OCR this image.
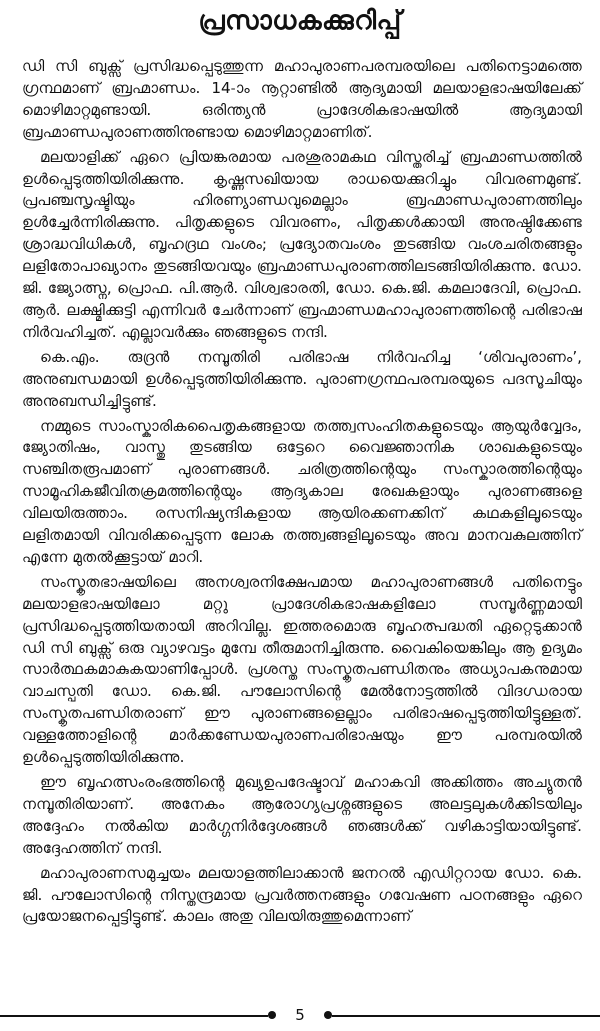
പ്രസാധകക്കുറിപ്പ്

ഡി സി ബുക്സ് പ്രസിദ്ധപ്പെടുത്തുന്ന മഹാപുരാണപരമ്പരയിലെ പതിനെട്ടാമത്തെ ഗ്രന്ഥമാണ് ബ്രഹ്മാണ്ഡം. 14-ാം നൂറ്റാണ്ടിൽ ആദ്യമായി മലയാളഭാഷയിലേക്ക് മൊഴിമാറ്റമുണ്ടായി. ഒരിന്ത്യൻ പ്രാദേശികഭാഷയിൽ ആദ്യമായി ബ്രഹ്മാണ്ഡപുരാണത്തിനുണ്ടായ മൊഴിമാറ്റമാണിത്.

മലയാളിക്ക് ഏറെ പ്രിയങ്കരമായ പരശുരാമകഥ വിസ്തരിച്ച് ബ്രഹ്മാണ്ഡത്തിൽ ഉൾപ്പെടുത്തിയിരിക്കുന്നു. കൃഷ്ണസഖിയായ രാധയെക്കുറിച്ചും വിവരണമുണ്ട്. പ്രപഞ്ചസൃഷ്ടിയും ഹിരണ്യാണ്ഡവുമെല്ലാം ബ്രഹ്മാണ്ഡപുരാണത്തിലും ഉൾച്ചേർന്നിരിക്കുന്നു. പിതൃക്കളുടെ വിവരണം, പിതൃക്കൾക്കായി അനുഷ്ഠിക്കേണ്ട ശ്രാദ്ധവിധികൾ, ബൃഹദ്രഥ വംശം; പ്രദ്യോതവംശം തുടങ്ങിയ വംശചരിതങ്ങളും ലളിതോപാഖ്യാനം തുടങ്ങിയവയും ബ്രഹ്മാണ്ഡപുരാണത്തിലടങ്ങിയിരിക്കുന്നു. ഡോ. ജി. ജ്യോത്സ്ന, പ്രൊഫ. പി.ആർ. വിശ്വഭാരതി, ഡോ. കെ.ജി. കമലാദേവി, പ്രൊഫ. ആർ. ലക്ഷ്മിക്കുട്ടി എന്നിവർ ചേർന്നാണ് ബ്രഹ്മാണ്ഡമഹാപുരാണത്തിന്റെ പരിഭാഷ നിർവഹിച്ചത്. എല്ലാവർക്കും ഞങ്ങളുടെ നന്ദി.

കെ.എം. രുദ്രൻ നമ്പൂതിരി പരിഭാഷ നിർവഹിച്ച ‘ശിവപുരാണം’, അനുബന്ധമായി ഉൾപ്പെടുത്തിയിരിക്കുന്നു. പുരാണഗ്രന്ഥപരമ്പരയുടെ പദസൂചിയും അനുബന്ധിച്ചിട്ടുണ്ട്.

നമ്മുടെ സാംസ്കാരികപൈതൃകങ്ങളായ തത്ത്വസംഹിതകളുടെയും ആയുർവ്വേദം, ജ്യോതിഷം, വാസ്തു തുടങ്ങിയ ഒട്ടേറെ വൈജ്ഞാനിക ശാഖകളുടെയും സഞ്ചിതരൂപമാണ് പുരാണങ്ങൾ. ചരിത്രത്തിന്റെയും സംസ്കാരത്തിന്റെയും സാമൂഹികജീവിതക്രമത്തിന്റെയും ആദ്യകാല രേഖകളായും പുരാണങ്ങളെ വിലയിരുത്താം. രസനിഷ്യന്ദികളായ ആയിരക്കണക്കിന് കഥകളിലൂടെയും ലളിതമായി വിവരിക്കപ്പെടുന്ന ലോക തത്ത്വങ്ങളിലൂടെയും അവ മാനവകുലത്തിന് എന്നേ മുതൽക്കൂട്ടായ് മാറി.

സംസ്കൃതഭാഷയിലെ അനശ്വരനിക്ഷേപമായ മഹാപുരാണങ്ങൾ പതിനെട്ടും മലയാളഭാഷയിലോ മറ്റു പ്രാദേശികഭാഷകളിലോ സമ്പൂർണ്ണമായി പ്രസിദ്ധപ്പെടുത്തിയതായി അറിവില്ല. ഇത്തരമൊരു ബൃഹത്പദ്ധതി ഏറ്റെടുക്കാൻ ഡി സി ബുക്സ് ഒരു വ്യാഴവട്ടം മുമ്പേ തീരുമാനിച്ചിരുന്നു. വൈകിയെങ്കിലും ആ ഉദ്യമം സാർത്ഥകമാകുകയാണിപ്പോൾ. പ്രശസ്ത സംസ്കൃതപണ്ഡിതനും അധ്യാപകനുമായ വാചസ്പതി ഡോ. കെ.ജി. പൗലോസിന്റെ മേൽനോട്ടത്തിൽ വിദഗ്ധരായ സംസ്കൃതപണ്ഡിതരാണ് ഈ പുരാണങ്ങളെല്ലാം പരിഭാഷപ്പെടുത്തിയിട്ടുള്ളത്. വള്ളത്തോളിന്റെ മാർക്കണ്ഡേയപുരാണപരിഭാഷയും ഈ പരമ്പരയിൽ ഉൾപ്പെടുത്തിയിരിക്കുന്നു.

ഈ ബൃഹത്സംരംഭത്തിന്റെ മുഖ്യഉപദേഷ്ടാവ് മഹാകവി അക്കിത്തം അച്യുതൻ നമ്പൂതിരിയാണ്. അനേകം ആരോഗ്യപ്രശ്നങ്ങളുടെ അലട്ടലുകൾക്കിടയിലും അദ്ദേഹം നൽകിയ മാർഗ്ഗനിർദ്ദേശങ്ങൾ ഞങ്ങൾക്ക് വഴികാട്ടിയായിട്ടുണ്ട്. അദ്ദേഹത്തിന് നന്ദി.

മഹാപുരാണസമുച്ചയം മലയാളത്തിലാക്കാൻ ജനറൽ എഡിറ്ററായ ഡോ. കെ. ജി. പൗലോസിന്റെ നിസ്തന്ദ്രമായ പ്രവർത്തനങ്ങളും ഗവേഷണ പഠനങ്ങളും ഏറെ പ്രയോജനപ്പെട്ടിട്ടുണ്ട്. കാലം അതു വിലയിരുത്തുമെന്നാണ്

5
